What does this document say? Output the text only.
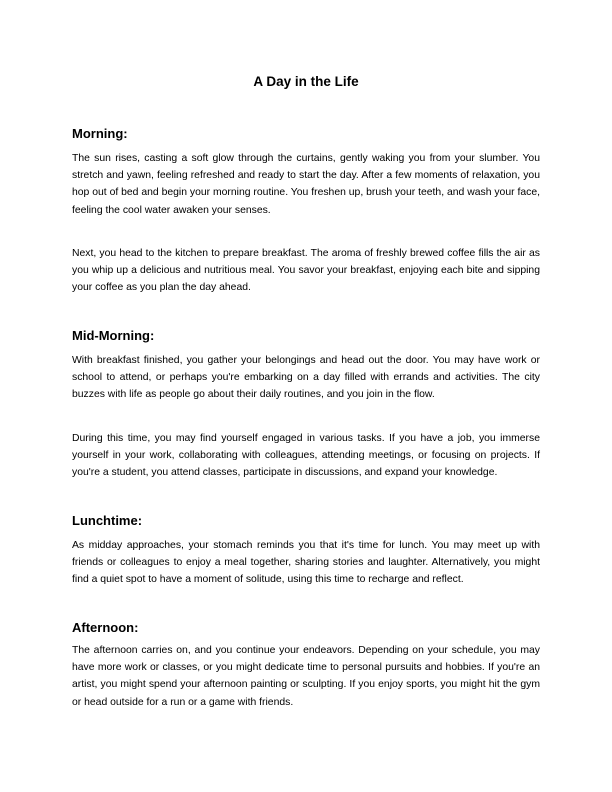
A Day in the Life
Morning:
The sun rises, casting a soft glow through the curtains, gently waking you from your slumber. You stretch and yawn, feeling refreshed and ready to start the day. After a few moments of relaxation, you hop out of bed and begin your morning routine. You freshen up, brush your teeth, and wash your face, feeling the cool water awaken your senses.
Next, you head to the kitchen to prepare breakfast. The aroma of freshly brewed coffee fills the air as you whip up a delicious and nutritious meal. You savor your breakfast, enjoying each bite and sipping your coffee as you plan the day ahead.
Mid-Morning:
With breakfast finished, you gather your belongings and head out the door. You may have work or school to attend, or perhaps you're embarking on a day filled with errands and activities. The city buzzes with life as people go about their daily routines, and you join in the flow.
During this time, you may find yourself engaged in various tasks. If you have a job, you immerse yourself in your work, collaborating with colleagues, attending meetings, or focusing on projects. If you're a student, you attend classes, participate in discussions, and expand your knowledge.
Lunchtime:
As midday approaches, your stomach reminds you that it's time for lunch. You may meet up with friends or colleagues to enjoy a meal together, sharing stories and laughter. Alternatively, you might find a quiet spot to have a moment of solitude, using this time to recharge and reflect.
Afternoon:
The afternoon carries on, and you continue your endeavors. Depending on your schedule, you may have more work or classes, or you might dedicate time to personal pursuits and hobbies. If you're an artist, you might spend your afternoon painting or sculpting. If you enjoy sports, you might hit the gym or head outside for a run or a game with friends.
